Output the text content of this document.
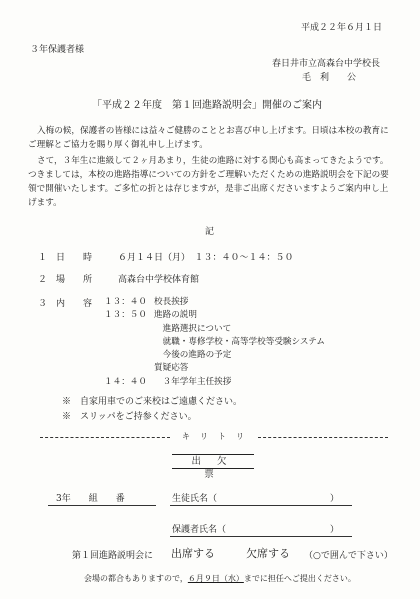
平成２２年６月１日
３年保護者様
春日井市立高森台中学校長
毛　利　　公
「平成２２年度　第１回進路説明会」開催のご案内

入梅の候，保護者の皆様には益々ご健勝のこととお喜び申し上げます。日頃は本校の教育にご理解とご協力を賜り厚く御礼申し上げます。

さて，３年生に進級して２ヶ月あまり，生徒の進路に対する関心も高まってきたようです。つきましては，本校の進路指導についての方針をご理解いただくための進路説明会を下記の要領で開催いたします。ご多忙の折とは存じますが，是非ご出席くださいますようご案内申し上げます。

記
１　日　　時	６月１４日（月）　１３：４０～１４：５０
２　場　　所	高森台中学校体育館
３　内　　容 １３：４０ 校長挨拶
１３：５０ 進路の説明
　進路選択について
　就職・専修学校・高等学校等受験システム
　今後の進路の予定
質疑応答
１４：４０ 　３年学年主任挨拶
※　自家用車でのご来校はご遠慮ください。
※　スリッパをご持参ください。
キ　リ　ト　リ
出欠票
3年　　組　　番	生徒氏名（	）
保護者氏名（	）
第１回進路説明会に 出席する	欠席する （○で囲んで下さい）
会場の都合もありますので，６月９日（水）までに担任へご提出ください。
